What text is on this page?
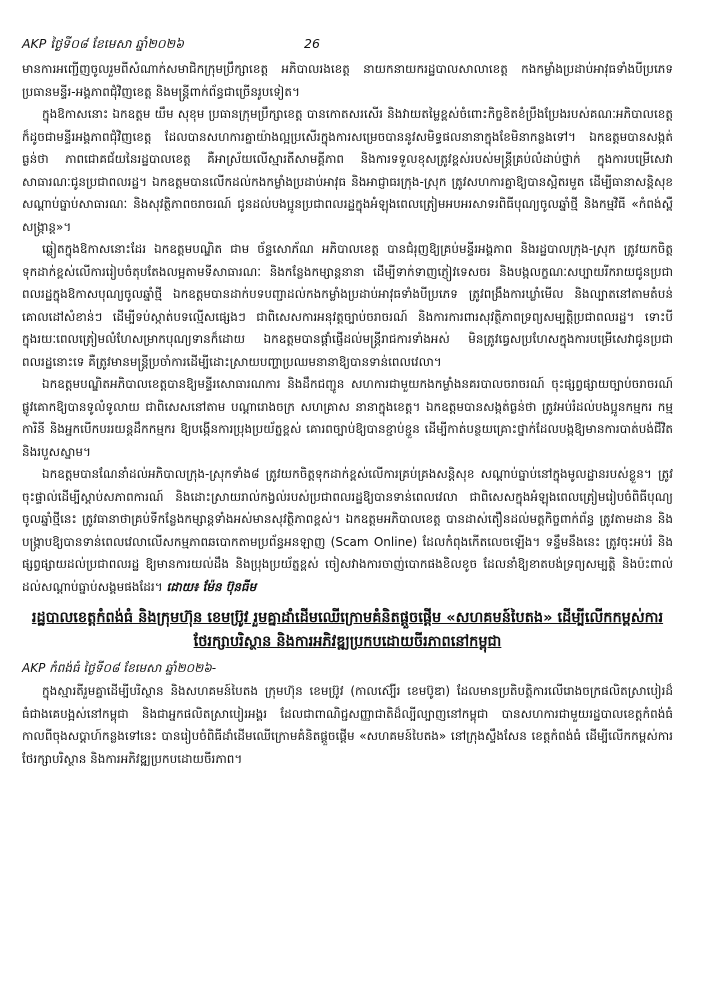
AKP ថ្ងៃទី០៨ ខែមេសា ឆ្នាំ២០២៦	26

មានការអញ្ជើញចូលរួមពីសំណាក់សមាជិកក្រុមប្រឹក្សាខេត្ត អភិបាលរងខេត្ត នាយកនាយករដ្ឋបាលសាលាខេត្ត កងកម្លាំងប្រដាប់អាវុធទាំងបីប្រភេទ ប្រធានមន្ទីរ-អង្គភាពជុំវិញខេត្ត និងមន្ត្រីពាក់ព័ន្ធជាច្រើនរូបទៀត។

ក្នុងឱកាសនោះ ឯកឧត្តម យឹម សុខុម ប្រធានក្រុមប្រឹក្សាខេត្ត បានកោតសរសើរ និងវាយតម្លៃខ្ពស់ចំពោះកិច្ចខិតខំប្រឹងប្រែងរបស់គណៈអភិបាលខេត្ត ក៏ដូចជាមន្ទីរអង្គភាពជុំវិញខេត្ត ដែលបានសហការគ្នាយ៉ាងល្អប្រសើរក្នុងការសម្រេចបាននូវសមិទ្ធផលនានាក្នុងខែមិនាកន្លងទៅ។ ឯកឧត្តមបានសង្កត់ធ្ងន់ថា ភាពជោគជ័យនៃរដ្ឋបាលខេត្ត គឺអាស្រ័យលើស្មារតីសាមគ្គីភាព និងការទទួលខុសត្រូវខ្ពស់របស់មន្ត្រីគ្រប់លំដាប់ថ្នាក់ ក្នុងការបម្រើសេវាសាធារណៈជូនប្រជាពលរដ្ឋ។ ឯកឧត្តមបានលើកដល់កងកម្លាំងប្រដាប់អាវុធ និងអាជ្ញាធរក្រុង-ស្រុក ត្រូវសហការគ្នាឱ្យបានស្អិតរមួត ដើម្បីធានាសន្តិសុខ សណ្តាប់ធ្នាប់សាធារណៈ និងសុវត្ថិភាពចរាចរណ៍ ជូនដល់បងប្អូនប្រជាពលរដ្ឋក្នុងអំឡុងពេលត្រៀមអបអរសាទរពិធីបុណ្យចូលឆ្នាំថ្មី និងកម្មវិធី «កំពង់ស្ពឺសង្ក្រាន្ត»។

ឆ្លៀតក្នុងឱកាសនោះដែរ ឯកឧត្តមបណ្ឌិត ជាម ច័ន្ទសោភ័ណ អភិបាលខេត្ត បានជំរុញឱ្យគ្រប់មន្ទីរអង្គភាព និងរដ្ឋបាលក្រុង-ស្រុក ត្រូវយកចិត្តទុកដាក់ខ្ពស់លើការរៀបចំតុបតែងលម្អតាមទីសាធារណៈ និងកន្លែងកម្សាន្តនានា ដើម្បីទាក់ទាញភ្ញៀវទេសចរ និងបង្កលក្ខណៈសប្បាយរីករាយជូនប្រជាពលរដ្ឋក្នុងឱកាសបុណ្យចូលឆ្នាំថ្មី ឯកឧត្តមបានដាក់បទបញ្ជាដល់កងកម្លាំងប្រដាប់អាវុធទាំងបីប្រភេទ ត្រូវពង្រឹងការឃ្លាំមើល និងល្បាតនៅតាមតំបន់គោលដៅសំខាន់ៗ ដើម្បីទប់ស្កាត់បទល្មើសផ្សេងៗ ជាពិសេសការអនុវត្តច្បាប់ចរាចរណ៍ និងការការពារសុវត្ថិភាពទ្រព្យសម្បត្តិប្រជាពលរដ្ឋ។ ទោះបីក្នុងរយៈពេលត្រៀមលំហែសម្រាកបុណ្យទានក៏ដោយ ឯកឧត្តមបានផ្តាំផ្ញើដល់មន្ត្រីរាជការទាំងអស់ មិនត្រូវធ្វេសប្រហែសក្នុងការបម្រើសេវាជូនប្រជាពលរដ្ឋនោះទេ គឺត្រូវមានមន្ត្រីប្រចាំការដើម្បីដោះស្រាយបញ្ហាប្រឈមនានាឱ្យបានទាន់ពេលវេលា។

ឯកឧត្តមបណ្ឌិតអភិបាលខេត្តបានឱ្យមន្ទីរសោធារណការ និងដឹកជញ្ជូន សហការជាមួយកងកម្លាំងនគរបាលចរាចរណ៍ ចុះផ្សព្វផ្សាយច្បាប់ចរាចរណ៍ផ្លូវគោកឱ្យបានទូលំទូលាយ ជាពិសេសនៅតាម បណ្តារោងចក្រ សហគ្រាស នានាក្នុងខេត្ត។ ឯកឧត្តមបានសង្កត់ធ្ងន់ថា ត្រូវអប់រំដល់បងប្អូនកម្មករ កម្មការិនី និងអ្នកបើកបររយន្តដឹកកម្មករ ឱ្យបង្កើនការប្រុងប្រយ័ត្នខ្ពស់ គោរពច្បាប់ឱ្យបានខ្ជាប់ខ្ជួន ដើម្បីកាត់បន្ថយគ្រោះថ្នាក់ដែលបង្កឱ្យមានការបាត់បង់ជីវិត និងរបួសស្នាម។

ឯកឧត្តមបានណែនាំដល់អភិបាលក្រុង-ស្រុកទាំង៨ ត្រូវយកចិត្តទុកដាក់ខ្ពស់លើការគ្រប់គ្រងសន្តិសុខ សណ្តាប់ធ្នាប់នៅក្នុងមូលដ្ឋានរបស់ខ្លួន។ ត្រូវចុះផ្ទាល់ដើម្បីស្តាប់សភាពការណ៍ និងដោះស្រាយរាល់កង្វល់របស់ប្រជាពលរដ្ឋឱ្យបានទាន់ពេលវេលា ជាពិសេសក្នុងអំឡុងពេលត្រៀមរៀបចំពិធីបុណ្យចូលឆ្នាំថ្មីនេះ ត្រូវធានាថាគ្រប់ទីកន្លែងកម្សាន្តទាំងអស់មានសុវត្ថិភាពខ្ពស់។ ឯកឧត្តមអភិបាលខេត្ត បានដាស់តឿនដល់មត្តកិច្ចពាក់ព័ន្ធ ត្រូវតាមដាន និងបង្ក្រាបឱ្យបានទាន់ពេលវេលាលើសកម្មភាពឆបោកតាមប្រព័ន្ធអនឡាញ (Scam Online) ដែលកំពុងកើតលេចឡើង។ ទន្ទឹមនឹងនេះ ត្រូវចុះអប់រំ និងផ្សព្វផ្សាយដល់ប្រជាពលរដ្ឋ ឱ្យមានការយល់ដឹង និងប្រុងប្រយ័ត្នខ្ពស់ ចៀសវាងការចាញ់បោកផងខិលខូច ដែលនាំឱ្យខាតបង់ទ្រព្យសម្បត្តិ និងប៉ះពាល់ដល់សណ្តាប់ធ្នាប់សង្គមផងដែរ។ ដោយ៖ ម៉ែន ប៊ុនធីម

រដ្ឋបាលខេត្តកំពង់ធំ និងក្រុមហ៊ុន ខេមប៊្រូវ រួមគ្នាដាំដើមឈើក្រោមគំនិតផ្តួចផ្តើម «សហគមន៍បៃតង» ដើម្បីលើកកម្ពស់ការថែរក្សាបរិស្ថាន និងការអភិវឌ្ឍប្រកបដោយចីរភាពនៅកម្ពុជា
AKP កំពង់ធំ ថ្ងៃទី០៨ ខែមេសា ឆ្នាំ២០២៦-

ក្នុងស្មារតីរួមគ្នាដើម្បីបរិស្ថាន និងសហគមន៍បៃតង ក្រុមហ៊ុន ខេមប៊្រូវ (កាលស៊្បើរ ខេមប៊ូឌា) ដែលមានប្រតិបត្តិការលើរោងចក្រផលិតស្រាបៀរដ៏ធំជាងគេបង្អស់នៅកម្ពុជា និងជាអ្នកផលិតស្រាបៀរអង្គរ ដែលជាពាណិជ្ជសញ្ញាជាតិដ៏ល្បីល្បាញនៅកម្ពុជា បានសហការជាមួយរដ្ឋបាលខេត្តកំពង់ធំ កាលពីចុងសប្តាហ៍កន្លងទៅនេះ បានរៀបចំពិធីដាំដើមឈើក្រោមគំនិតផ្តួចផ្តើម «សហគមន៍បៃតង» នៅក្រុងស្ទឹងសែន ខេត្តកំពង់ធំ ដើម្បីលើកកម្ពស់ការថែរក្សាបរិស្ថាន និងការអភិវឌ្ឍប្រកបដោយចីរភាព។
